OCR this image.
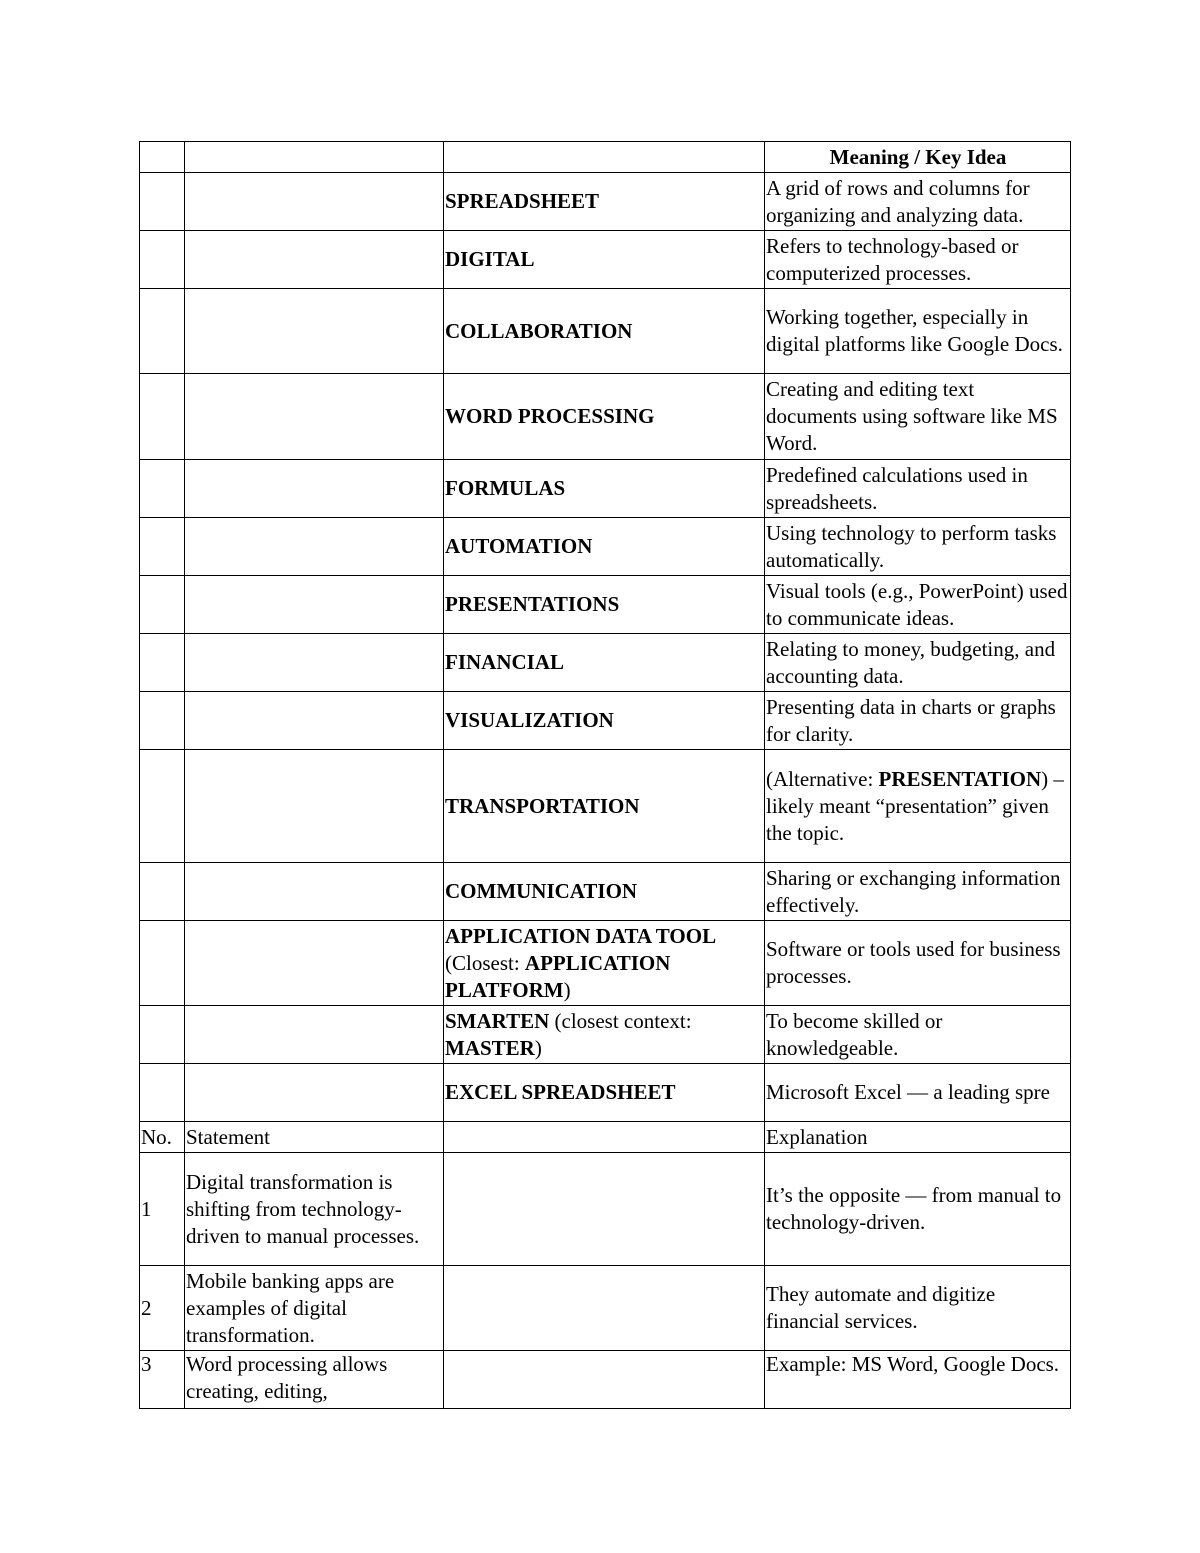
			Meaning / Key Idea
		SPREADSHEET	A grid of rows and columns for organizing and analyzing data.
		DIGITAL	Refers to technology-based or computerized processes.
		COLLABORATION	Working together, especially in digital platforms like Google Docs.
		WORD PROCESSING	Creating and editing text documents using software like MS Word.
		FORMULAS	Predefined calculations used in spreadsheets.
		AUTOMATION	Using technology to perform tasks automatically.
		PRESENTATIONS	Visual tools (e.g., PowerPoint) used to communicate ideas.
		FINANCIAL	Relating to money, budgeting, and accounting data.
		VISUALIZATION	Presenting data in charts or graphs for clarity.
		TRANSPORTATION	(Alternative: PRESENTATION) – likely meant “presentation” given the topic.
		COMMUNICATION	Sharing or exchanging information effectively.
		APPLICATION DATA TOOL (Closest: APPLICATION PLATFORM)	Software or tools used for business processes.
		SMARTEN (closest context: MASTER)	To become skilled or knowledgeable.
		EXCEL SPREADSHEET	Microsoft Excel — a leading spre
No.	Statement		Explanation
1	Digital transformation is shifting from technology-driven to manual processes.		It’s the opposite — from manual to technology-driven.
2	Mobile banking apps are examples of digital transformation.		They automate and digitize financial services.
3	Word processing allows creating, editing,		Example: MS Word, Google Docs.
